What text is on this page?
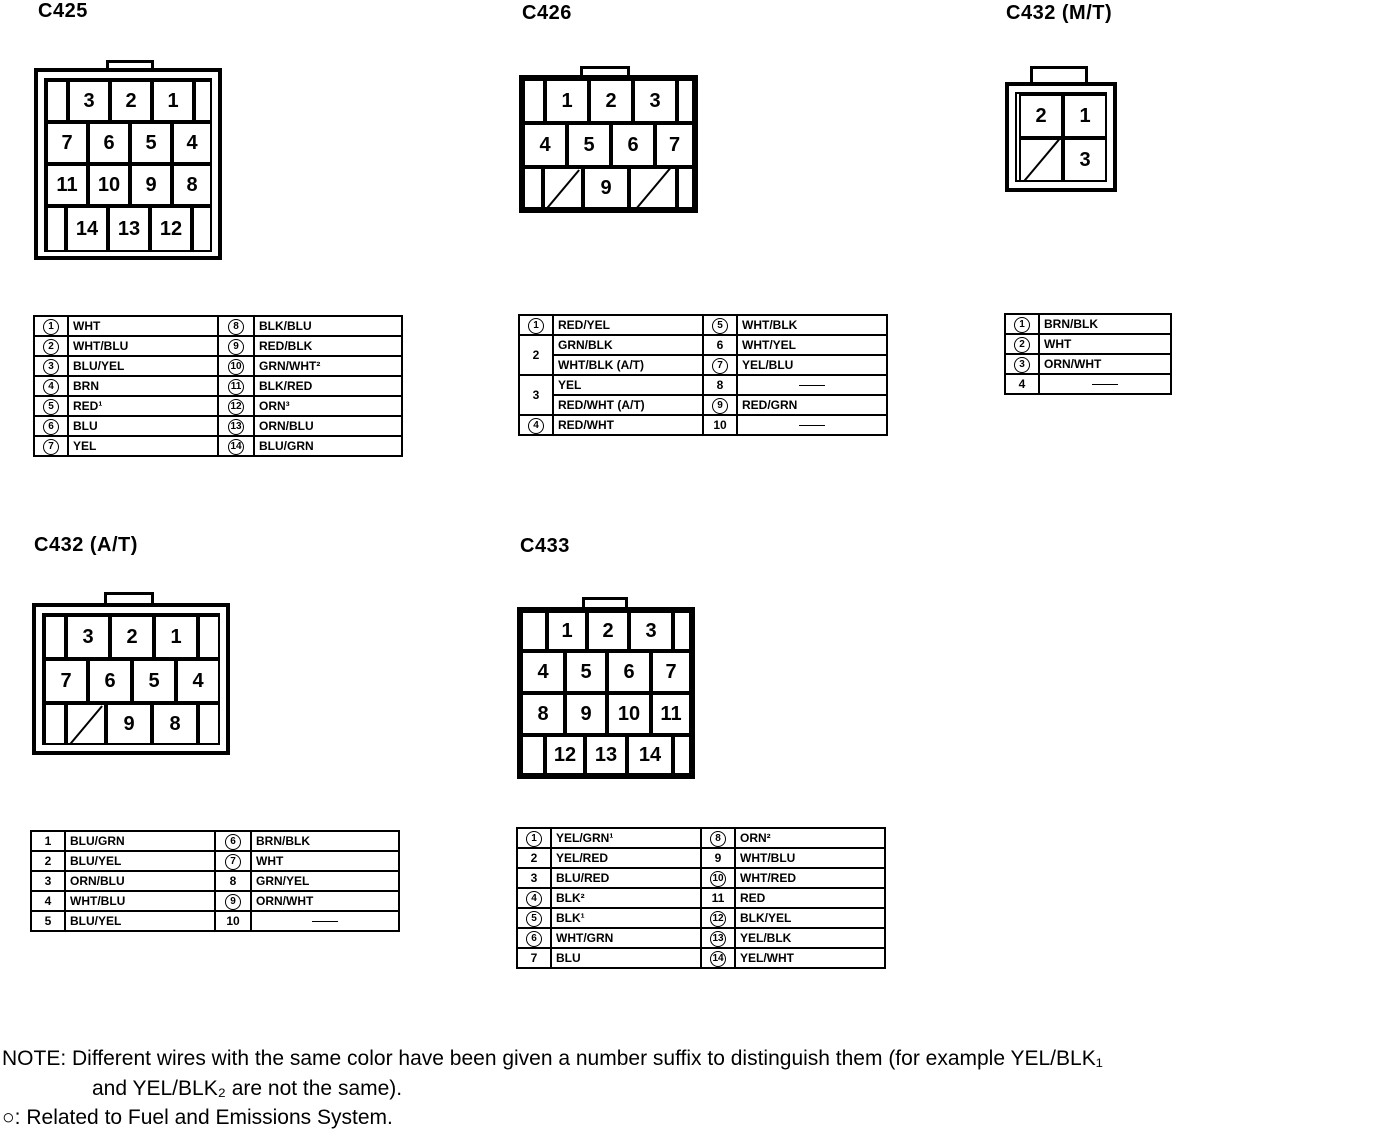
C425	C426	C432 (M/T)
C432 (A/T)	C433
3	2	1
7	6	5	4
11	10	9	8
14 13 12
1	2	3
4	5	6	7
9
2	1
3
3	2	1
7	6	5	4
9	8
1	2	3
4	5	6	7
8	9	10	11
12 13	14
1	WHT	8	BLK/BLU
2	WHT/BLU	9	RED/BLK
3	BLU/YEL	10	GRN/WHT²
4	BRN	11	BLK/RED
5	RED¹	12	ORN³
6	BLU	13	ORN/BLU
7	YEL	14	BLU/GRN
1	RED/YEL	5	WHT/BLK
2	GRN/BLK	6	WHT/YEL
	WHT/BLK (A/T)	7	YEL/BLU
3	YEL	8	
	RED/WHT (A/T)	9	RED/GRN
4	RED/WHT	10	
1	BRN/BLK
2	WHT
3	ORN/WHT
4	
1	BLU/GRN	6	BRN/BLK
2	BLU/YEL	7	WHT
3	ORN/BLU	8	GRN/YEL
4	WHT/BLU	9	ORN/WHT
5	BLU/YEL	10	
1	YEL/GRN¹	8	ORN²
2	YEL/RED	9	WHT/BLU
3	BLU/RED	10	WHT/RED
4	BLK²	11	RED
5	BLK¹	12	BLK/YEL
6	WHT/GRN	13	YEL/BLK
7	BLU	14	YEL/WHT
NOTE: Different wires with the same color have been given a number suffix to distinguish them (for example YEL/BLK₁
and YEL/BLK₂ are not the same).
○: Related to Fuel and Emissions System.
